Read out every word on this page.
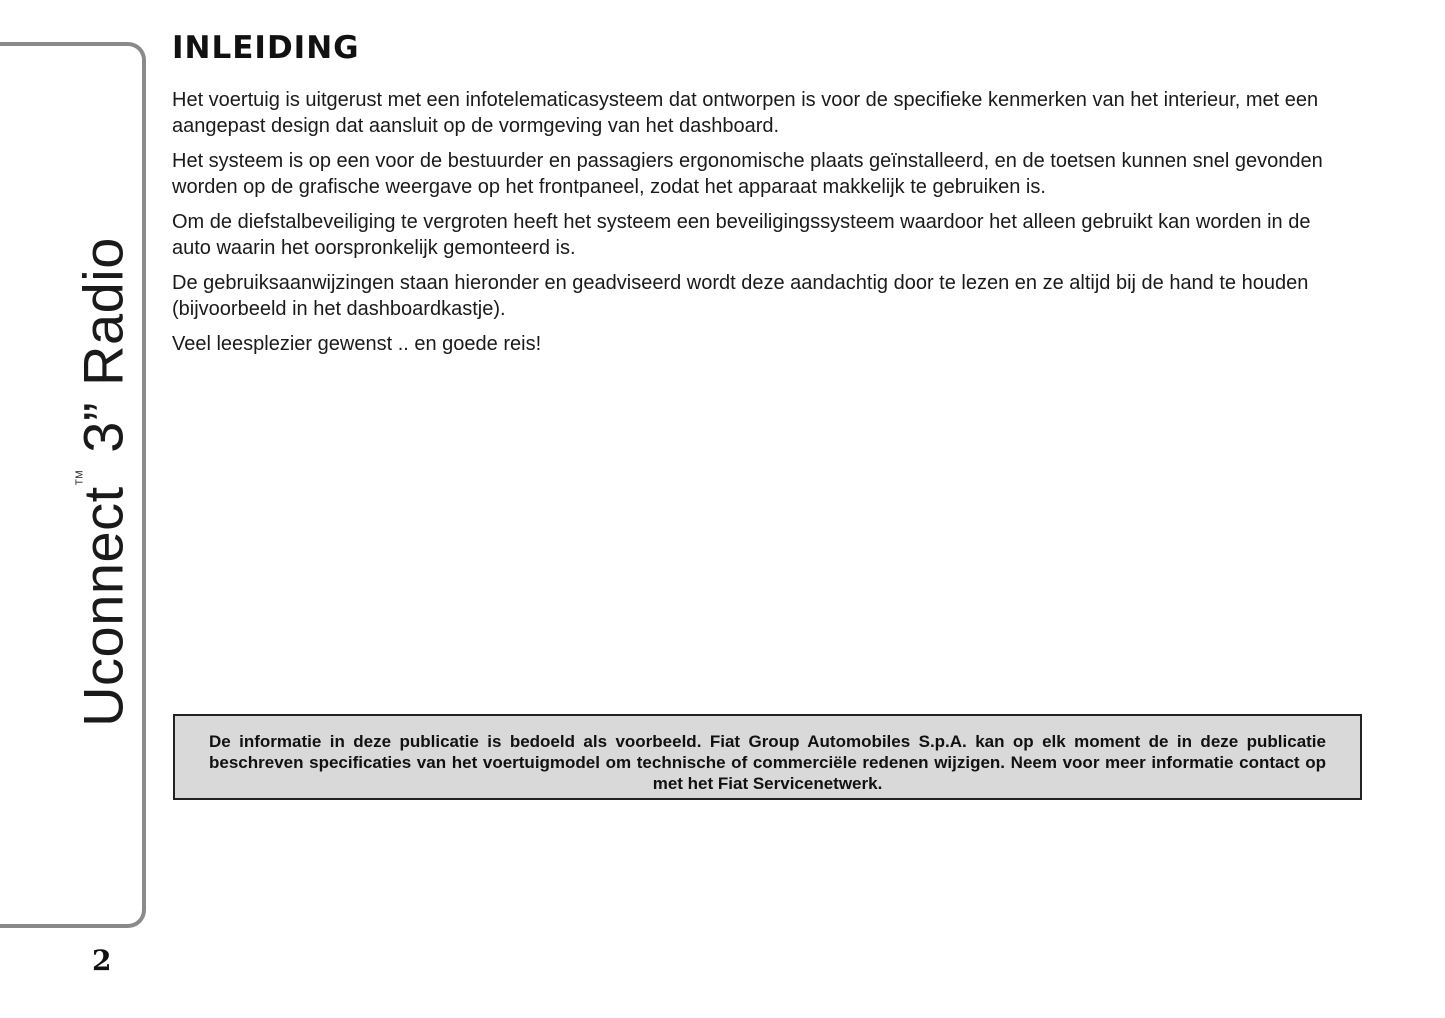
Uconnect™ 3” Radio
2
INLEIDING

Het voertuig is uitgerust met een infotelematicasysteem dat ontworpen is voor de specifieke kenmerken van het interieur, met een aangepast design dat aansluit op de vormgeving van het dashboard.

Het systeem is op een voor de bestuurder en passagiers ergonomische plaats geïnstalleerd, en de toetsen kunnen snel gevonden worden op de grafische weergave op het frontpaneel, zodat het apparaat makkelijk te gebruiken is.

Om de diefstalbeveiliging te vergroten heeft het systeem een beveiligingssysteem waardoor het alleen gebruikt kan worden in de auto waarin het oorspronkelijk gemonteerd is.

De gebruiksaanwijzingen staan hieronder en geadviseerd wordt deze aandachtig door te lezen en ze altijd bij de hand te houden (bijvoorbeeld in het dashboardkastje).

Veel leesplezier gewenst .. en goede reis!

De informatie in deze publicatie is bedoeld als voorbeeld. Fiat Group Automobiles S.p.A. kan op elk moment de in deze publicatie beschreven specificaties van het voertuigmodel om technische of commerciële redenen wijzigen. Neem voor meer informatie contact op met het Fiat Servicenetwerk.
